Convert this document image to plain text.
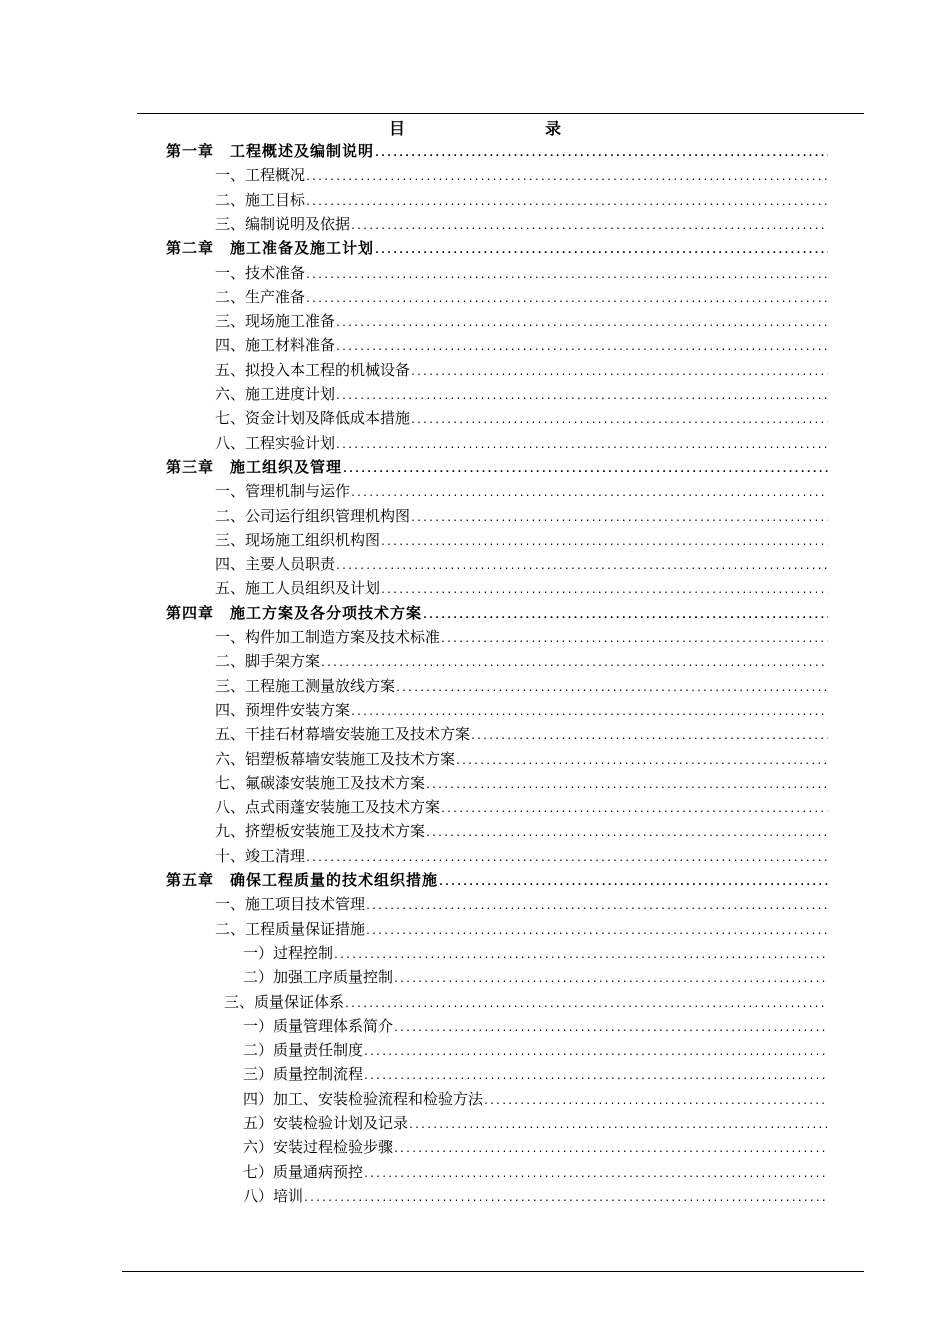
目　　录
第一章　工程概述及编制说明
.....
一、工程概况
.....
二、施工目标
.....
三、编制说明及依据
.....
第二章　施工准备及施工计划
.....
一、技术准备
.....
二、生产准备
.....
三、现场施工准备
.....
四、施工材料准备
.....
五、拟投入本工程的机械设备
.....
六、施工进度计划
.....
七、资金计划及降低成本措施
.....
八、工程实验计划
.....
第三章　施工组织及管理
.....
一、管理机制与运作
.....
二、公司运行组织管理机构图
.....
三、现场施工组织机构图
.....
四、主要人员职责
.....
五、施工人员组织及计划
.....
第四章　施工方案及各分项技术方案
.....
一、构件加工制造方案及技术标准
.....
二、脚手架方案
.....
三、工程施工测量放线方案
.....
四、预埋件安装方案
.....
五、干挂石材幕墙安装施工及技术方案
.....
六、铝塑板幕墙安装施工及技术方案
.....
七、氟碳漆安装施工及技术方案
.....
八、点式雨蓬安装施工及技术方案
.....
九、挤塑板安装施工及技术方案
.....
十、竣工清理
.....
第五章　确保工程质量的技术组织措施
.....
一、施工项目技术管理
.....
二、工程质量保证措施
.....
一）过程控制
.....
二）加强工序质量控制
.....
三、质量保证体系
.....
一）质量管理体系简介
.....
二）质量责任制度
.....
三）质量控制流程
.....
四）加工、安装检验流程和检验方法
.....
五）安装检验计划及记录
.....
六）安装过程检验步骤
.....
七）质量通病预控
.....
八）培训
.....
